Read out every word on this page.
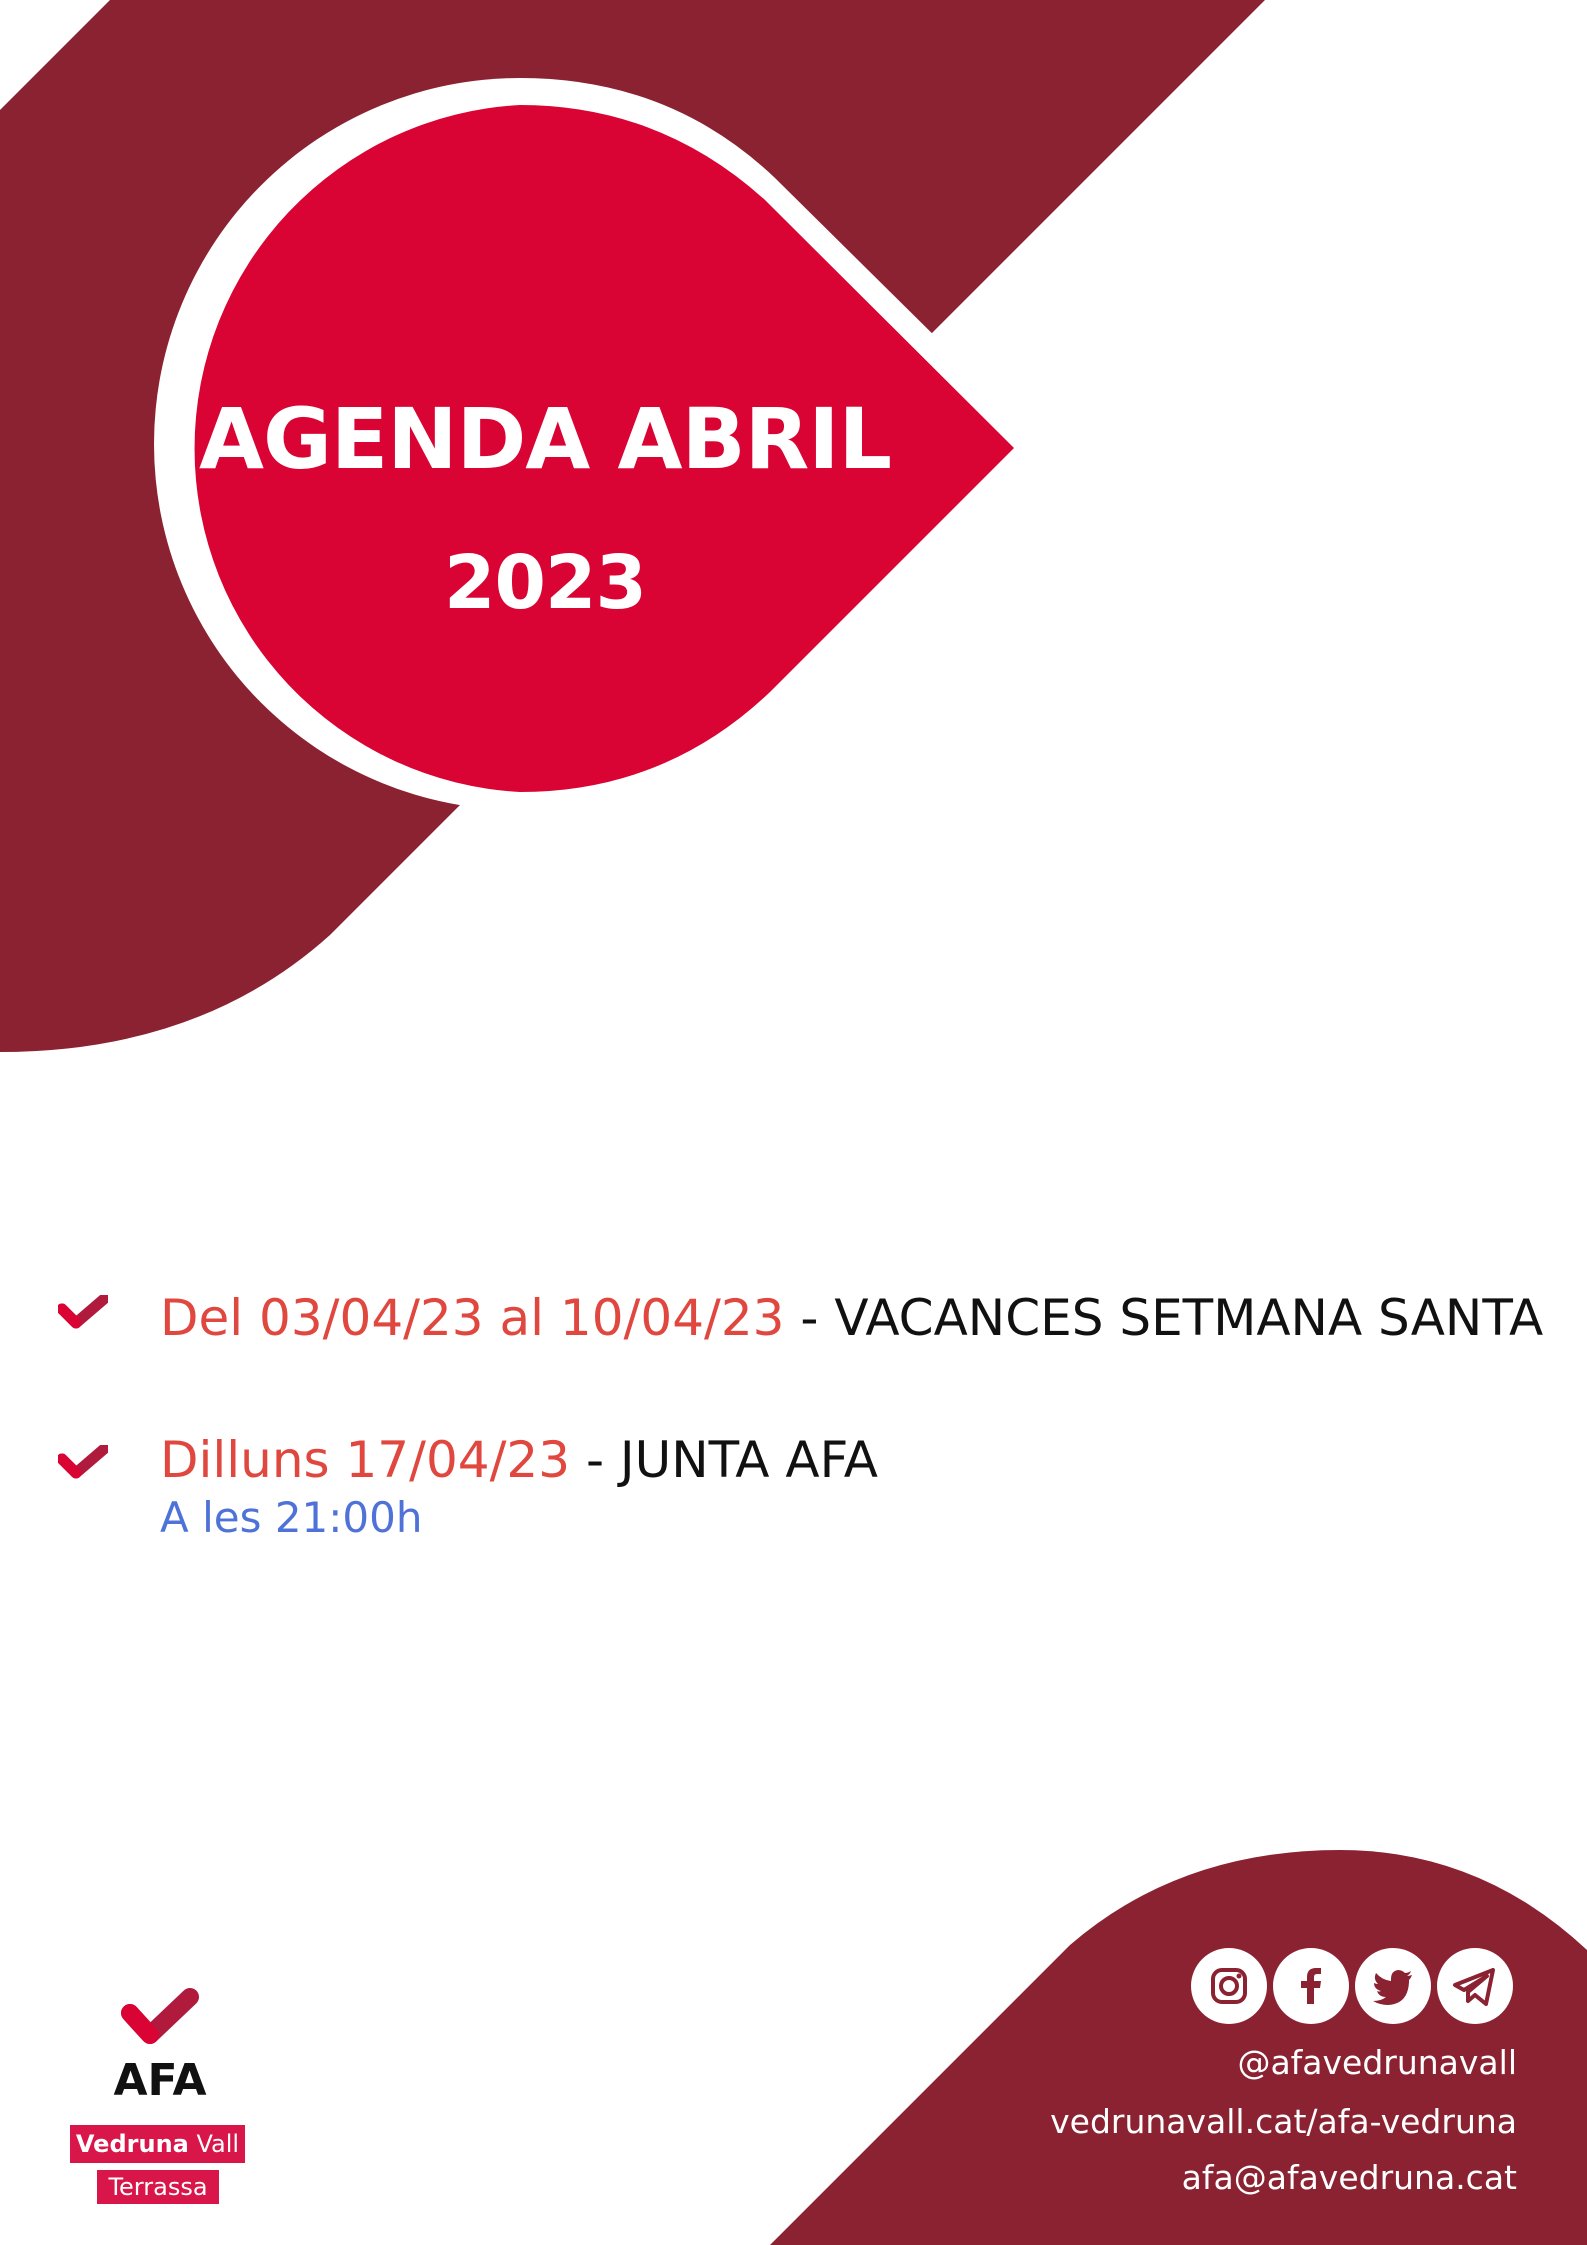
AGENDA ABRIL
2023
Del 03/04/23 al 10/04/23 - VACANCES SETMANA SANTA
Dilluns 17/04/23 - JUNTA AFA
A les 21:00h
@afavedrunavall
vedrunavall.cat/afa-vedruna
afa@afavedruna.cat
AFA
Vedruna Vall
Terrassa
